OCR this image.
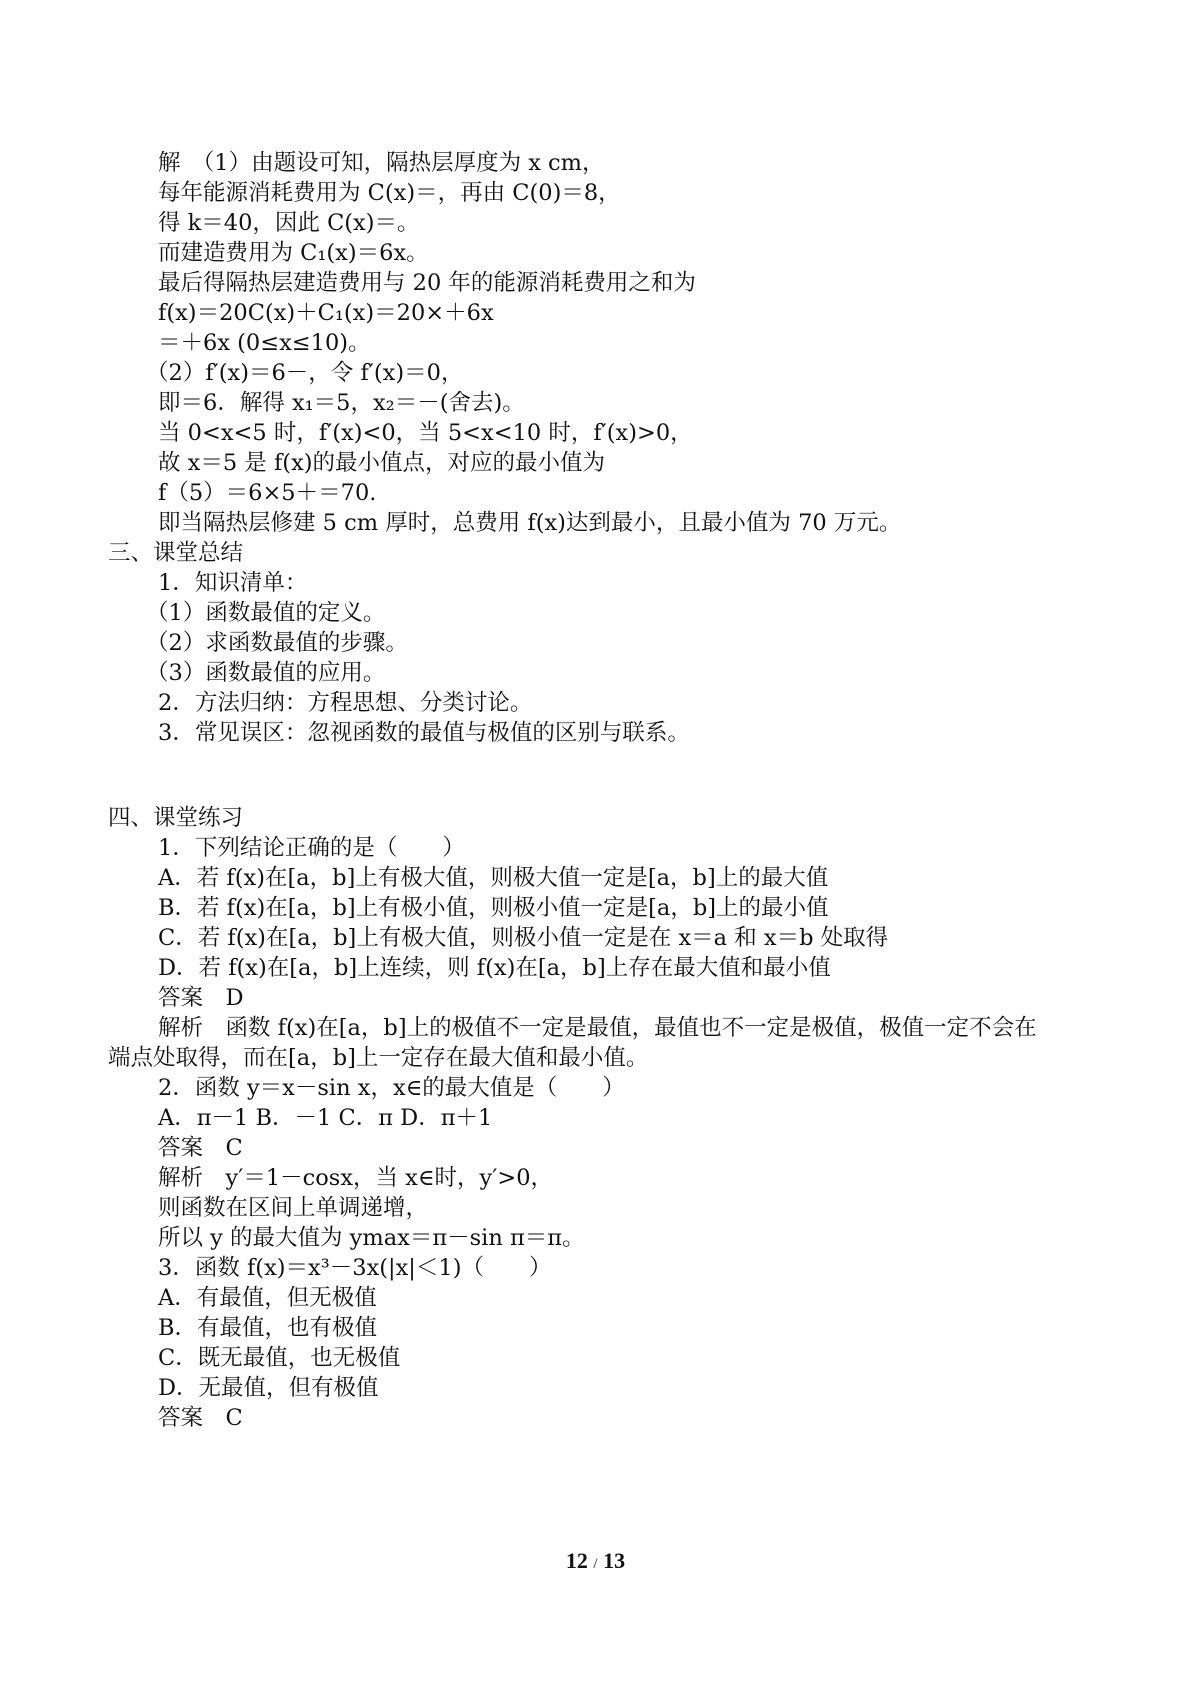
解　（1）由题设可知，隔热层厚度为 x cm，
每年能源消耗费用为 C(x)＝，再由 C(0)＝8，
得 k＝40，因此 C(x)＝。
而建造费用为 C₁(x)＝6x。
最后得隔热层建造费用与 20 年的能源消耗费用之和为
f(x)＝20C(x)＋C₁(x)＝20×＋6x
＝＋6x (0≤x≤10)。
（2）f′(x)＝6－，令 f′(x)＝0，
即＝6．解得 x₁＝5，x₂＝－(舍去)。
当 0<x<5 时，f′(x)<0，当 5<x<10 时，f′(x)>0，
故 x＝5 是 f(x)的最小值点，对应的最小值为
f（5）＝6×5＋＝70.
即当隔热层修建 5 cm 厚时，总费用 f(x)达到最小，且最小值为 70 万元。
三、课堂总结
1．知识清单：
（1）函数最值的定义。
（2）求函数最值的步骤。
（3）函数最值的应用。
2．方法归纳：方程思想、分类讨论。
3．常见误区：忽视函数的最值与极值的区别与联系。
四、课堂练习
1．下列结论正确的是（　　）
A．若 f(x)在[a，b]上有极大值，则极大值一定是[a，b]上的最大值
B．若 f(x)在[a，b]上有极小值，则极小值一定是[a，b]上的最小值
C．若 f(x)在[a，b]上有极大值，则极小值一定是在 x＝a 和 x＝b 处取得
D．若 f(x)在[a，b]上连续，则 f(x)在[a，b]上存在最大值和最小值
答案　D
解析　函数 f(x)在[a，b]上的极值不一定是最值，最值也不一定是极值，极值一定不会在
端点处取得，而在[a，b]上一定存在最大值和最小值。
2．函数 y＝x－sin x，x∈的最大值是（　　）
A．π－1 B．－1 C．π D．π＋1
答案　C
解析　y′＝1－cosx，当 x∈时，y′>0，
则函数在区间上单调递增，
所以 y 的最大值为 ymax＝π－sin π＝π。
3．函数 f(x)＝x³－3x(|x|＜1)（　　）
A．有最值，但无极值
B．有最值，也有极值
C．既无最值，也无极值
D．无最值，但有极值
答案　C
12 / 13
